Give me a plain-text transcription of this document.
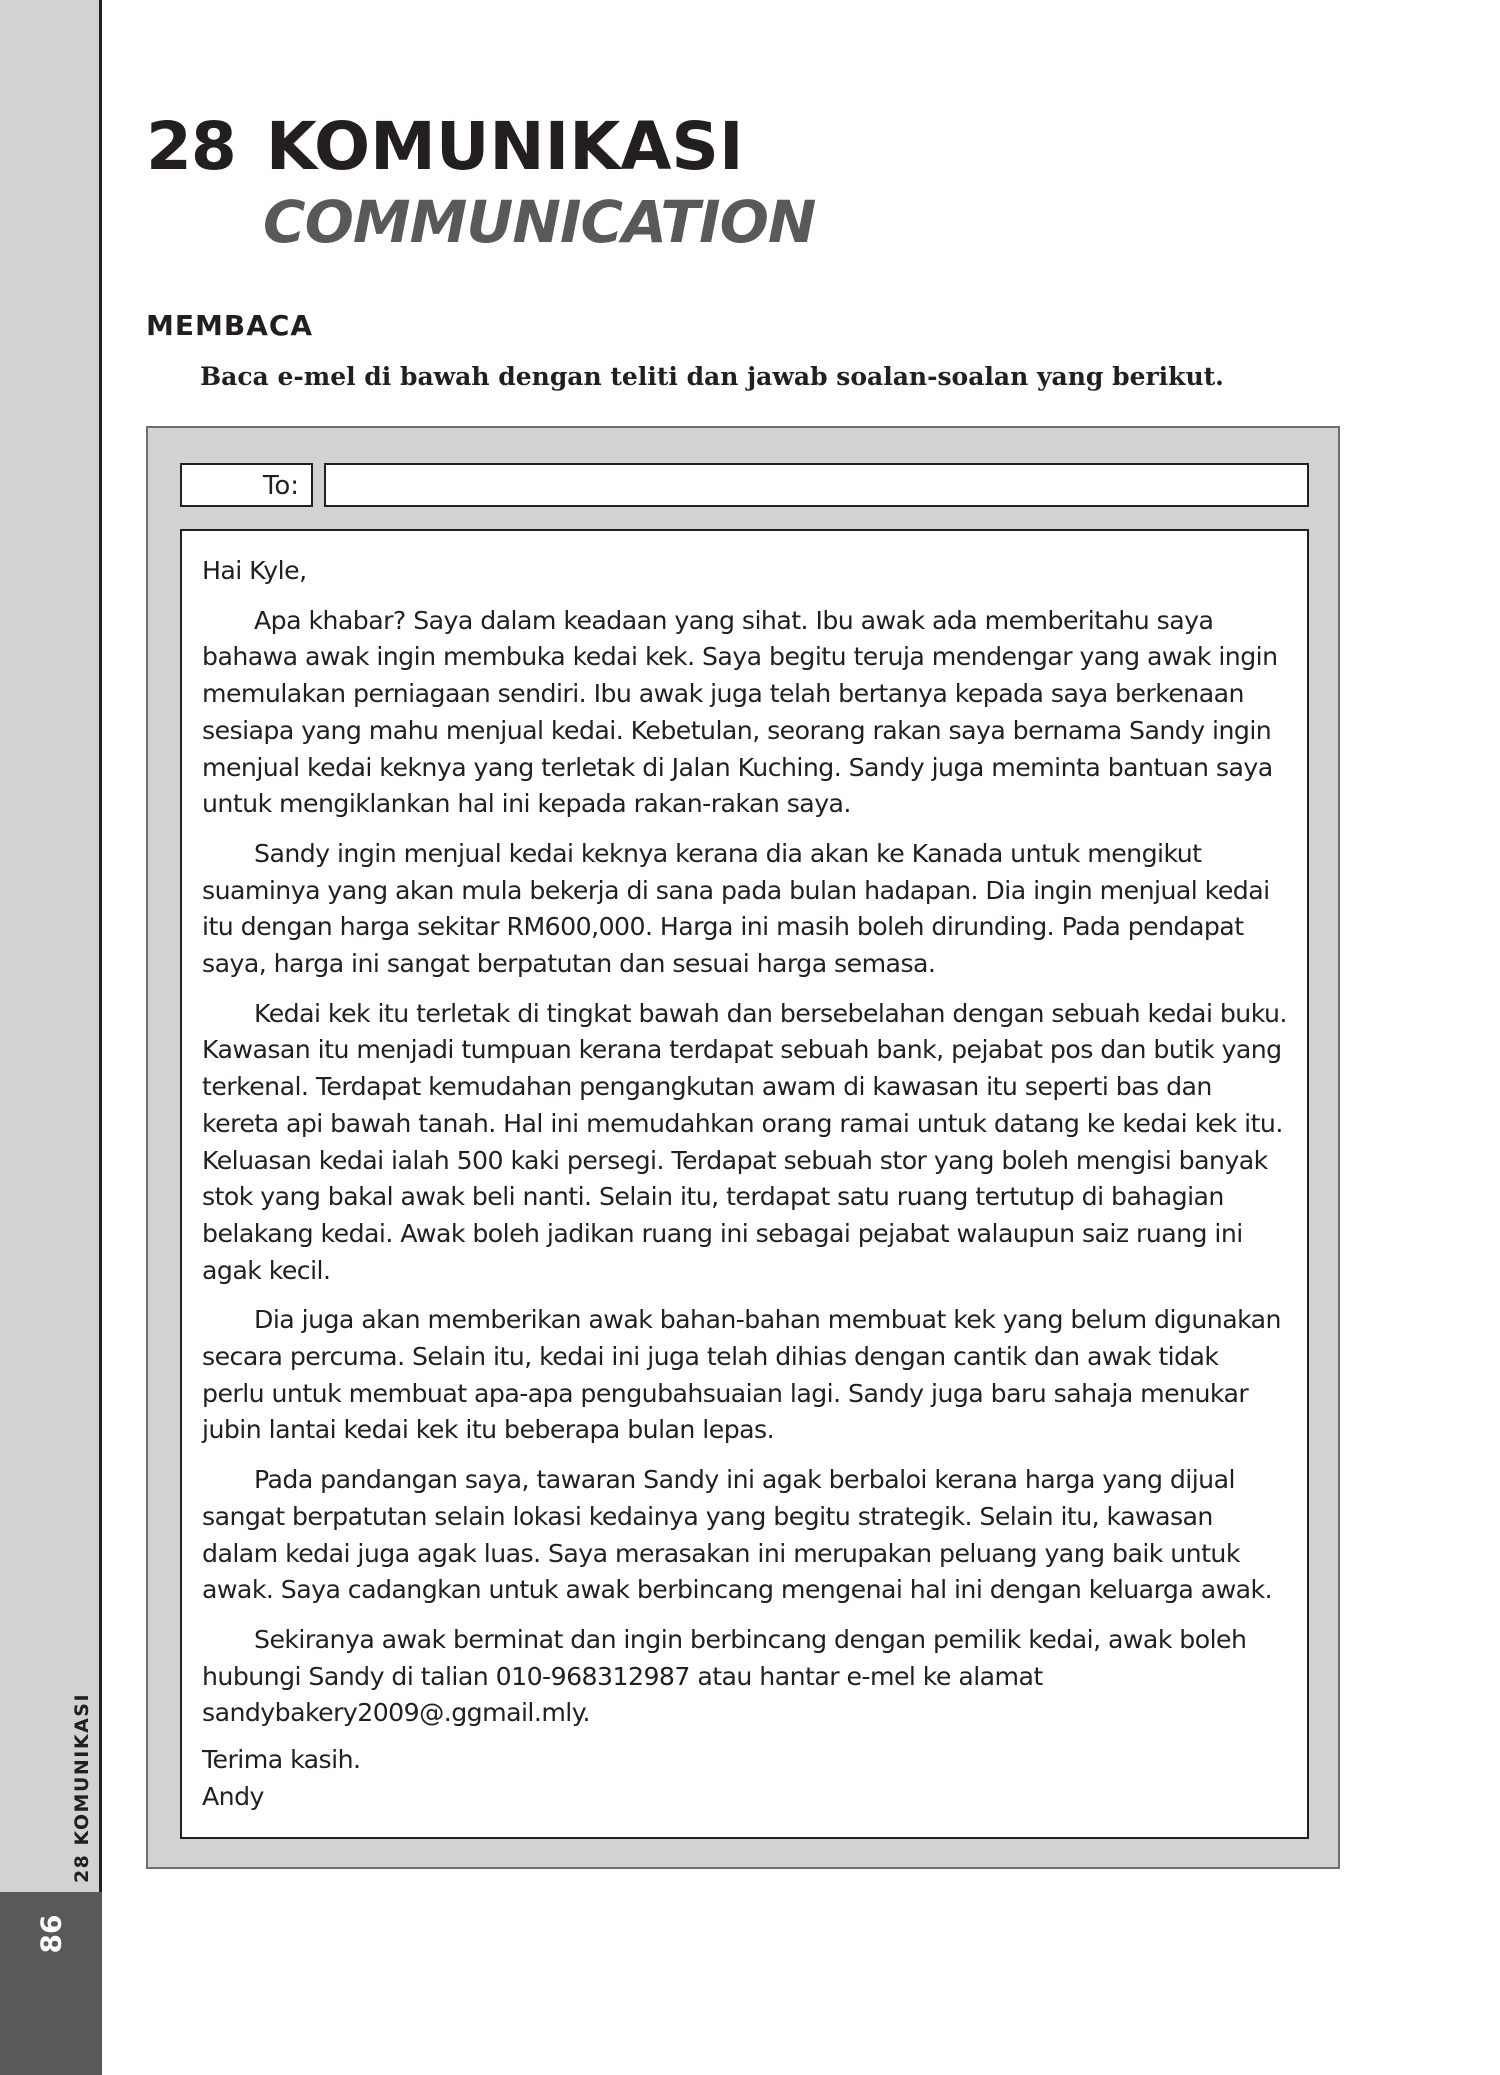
28 KOMUNIKASI
86
28 KOMUNIKASI
COMMUNICATION
MEMBACA
Baca e-mel di bawah dengan teliti dan jawab soalan-soalan yang berikut.
To:

Hai Kyle,

Apa khabar? Saya dalam keadaan yang sihat. Ibu awak ada memberitahu saya bahawa awak ingin membuka kedai kek. Saya begitu teruja mendengar yang awak ingin memulakan perniagaan sendiri. Ibu awak juga telah bertanya kepada saya berkenaan sesiapa yang mahu menjual kedai. Kebetulan, seorang rakan saya bernama Sandy ingin menjual kedai keknya yang terletak di Jalan Kuching. Sandy juga meminta bantuan saya untuk mengiklankan hal ini kepada rakan-rakan saya.

Sandy ingin menjual kedai keknya kerana dia akan ke Kanada untuk mengikut suaminya yang akan mula bekerja di sana pada bulan hadapan. Dia ingin menjual kedai itu dengan harga sekitar RM600,000. Harga ini masih boleh dirunding. Pada pendapat saya, harga ini sangat berpatutan dan sesuai harga semasa.

Kedai kek itu terletak di tingkat bawah dan bersebelahan dengan sebuah kedai buku. Kawasan itu menjadi tumpuan kerana terdapat sebuah bank, pejabat pos dan butik yang terkenal. Terdapat kemudahan pengangkutan awam di kawasan itu seperti bas dan kereta api bawah tanah. Hal ini memudahkan orang ramai untuk datang ke kedai kek itu. Keluasan kedai ialah 500 kaki persegi. Terdapat sebuah stor yang boleh mengisi banyak stok yang bakal awak beli nanti. Selain itu, terdapat satu ruang tertutup di bahagian belakang kedai. Awak boleh jadikan ruang ini sebagai pejabat walaupun saiz ruang ini agak kecil.

Dia juga akan memberikan awak bahan-bahan membuat kek yang belum digunakan secara percuma. Selain itu, kedai ini juga telah dihias dengan cantik dan awak tidak perlu untuk membuat apa-apa pengubahsuaian lagi. Sandy juga baru sahaja menukar jubin lantai kedai kek itu beberapa bulan lepas.

Pada pandangan saya, tawaran Sandy ini agak berbaloi kerana harga yang dijual sangat berpatutan selain lokasi kedainya yang begitu strategik. Selain itu, kawasan dalam kedai juga agak luas. Saya merasakan ini merupakan peluang yang baik untuk awak. Saya cadangkan untuk awak berbincang mengenai hal ini dengan keluarga awak.

Sekiranya awak berminat dan ingin berbincang dengan pemilik kedai, awak boleh hubungi Sandy di talian 010-968312987 atau hantar e-mel ke alamat sandybakery2009@.ggmail.mly.

Terima kasih.

Andy
